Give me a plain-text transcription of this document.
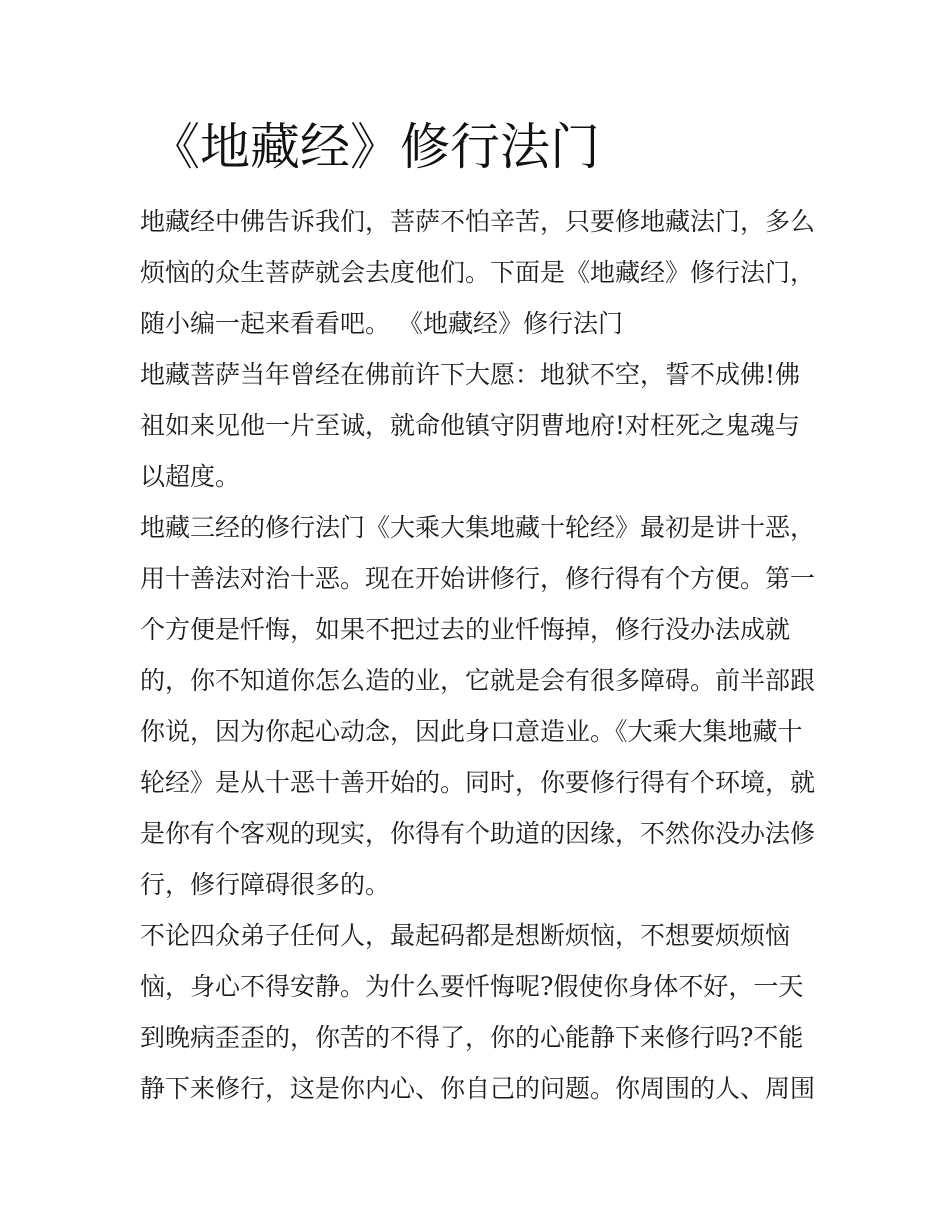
《地藏经》修行法门
地藏经中佛告诉我们，菩萨不怕辛苦，只要修地藏法门，多么
烦恼的众生菩萨就会去度他们。下面是《地藏经》修行法门，
随小编一起来看看吧。 《地藏经》修行法门
地藏菩萨当年曾经在佛前许下大愿：地狱不空，誓不成佛!佛
祖如来见他一片至诚，就命他镇守阴曹地府!对枉死之鬼魂与
以超度。
地藏三经的修行法门《大乘大集地藏十轮经》最初是讲十恶，
用十善法对治十恶。现在开始讲修行，修行得有个方便。第一
个方便是忏悔，如果不把过去的业忏悔掉，修行没办法成就
的，你不知道你怎么造的业，它就是会有很多障碍。前半部跟
你说，因为你起心动念，因此身口意造业。《大乘大集地藏十
轮经》是从十恶十善开始的。同时，你要修行得有个环境，就
是你有个客观的现实，你得有个助道的因缘，不然你没办法修
行，修行障碍很多的。
不论四众弟子任何人，最起码都是想断烦恼，不想要烦烦恼
恼，身心不得安静。为什么要忏悔呢?假使你身体不好，一天
到晚病歪歪的，你苦的不得了，你的心能静下来修行吗?不能
静下来修行，这是你内心、你自己的问题。你周围的人、周围
